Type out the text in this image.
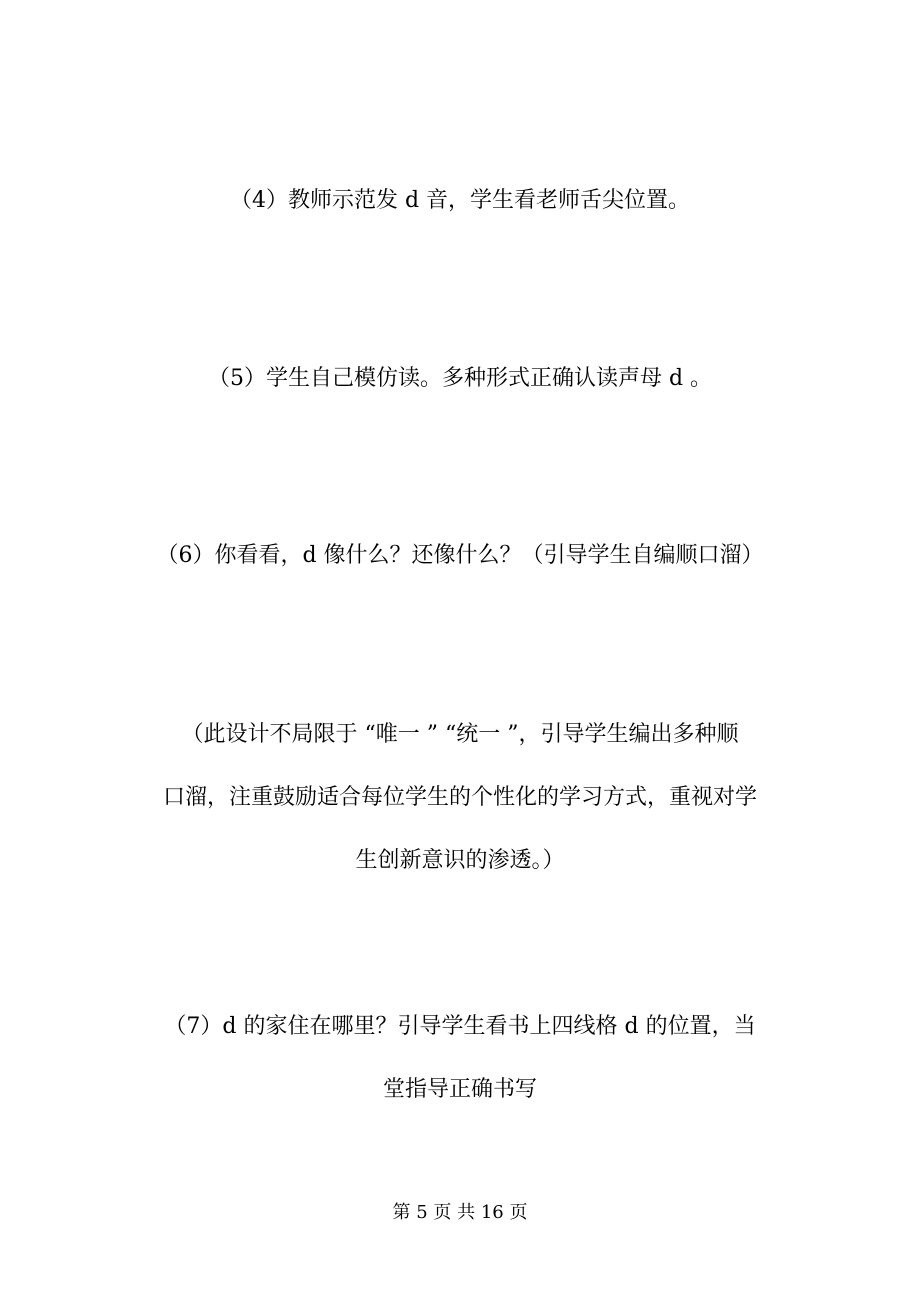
（4）教师示范发 d 音，学生看老师舌尖位置。

（5）学生自己模仿读。多种形式正确认读声母 d 。

（6）你看看，d 像什么？还像什么？（引导学生自编顺口溜）

（此设计不局限于 “唯一 ” “统一 ”，引导学生编出多种顺
口溜，注重鼓励适合每位学生的个性化的学习方式，重视对学
生创新意识的渗透。）

（7）d 的家住在哪里？引导学生看书上四线格 d 的位置，当
堂指导正确书写

第 5 页 共 16 页
